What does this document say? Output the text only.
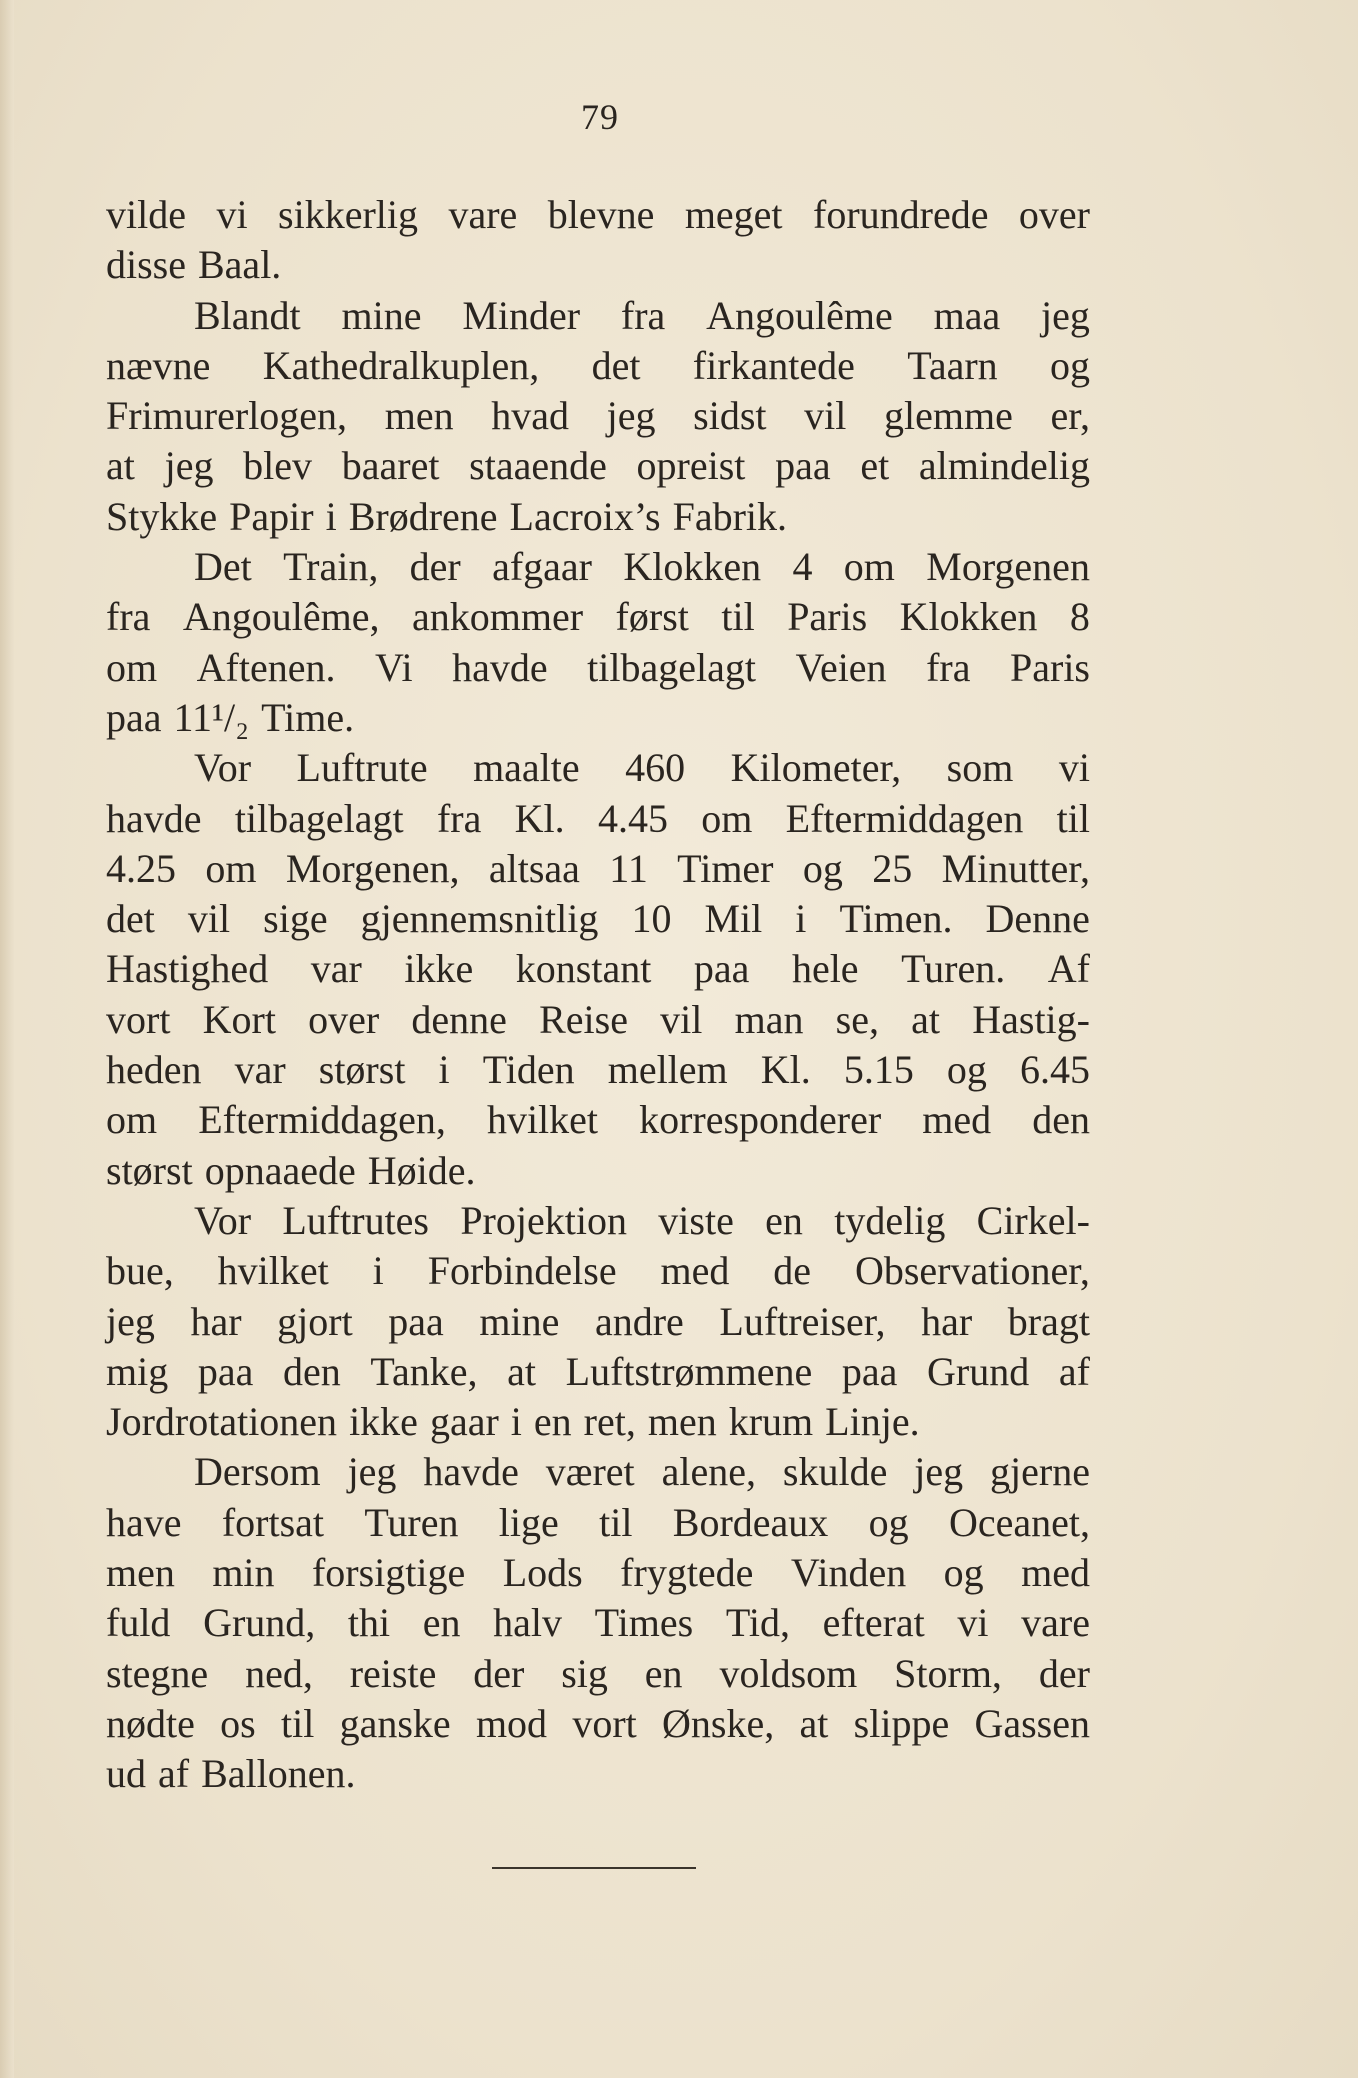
79
vilde vi sikkerlig vare blevne meget forundrede over
disse Baal.
Blandt mine Minder fra Angoulême maa jeg
nævne Kathedralkuplen, det firkantede Taarn og
Frimurerlogen, men hvad jeg sidst vil glemme er,
at jeg blev baaret staaende opreist paa et almindelig
Stykke Papir i Brødrene Lacroix’s Fabrik.
Det Train, der afgaar Klokken 4 om Morgenen
fra Angoulême, ankommer først til Paris Klokken 8
om Aftenen. Vi havde tilbagelagt Veien fra Paris
paa 11¹/₂ Time.
Vor Luftrute maalte 460 Kilometer, som vi
havde tilbagelagt fra Kl. 4.45 om Eftermiddagen til
4.25 om Morgenen, altsaa 11 Timer og 25 Minutter,
det vil sige gjennemsnitlig 10 Mil i Timen. Denne
Hastighed var ikke konstant paa hele Turen. Af
vort Kort over denne Reise vil man se, at Hastig-
heden var størst i Tiden mellem Kl. 5.15 og 6.45
om Eftermiddagen, hvilket korresponderer med den
størst opnaaede Høide.
Vor Luftrutes Projektion viste en tydelig Cirkel-
bue, hvilket i Forbindelse med de Observationer,
jeg har gjort paa mine andre Luftreiser, har bragt
mig paa den Tanke, at Luftstrømmene paa Grund af
Jordrotationen ikke gaar i en ret, men krum Linje.
Dersom jeg havde været alene, skulde jeg gjerne
have fortsat Turen lige til Bordeaux og Oceanet,
men min forsigtige Lods frygtede Vinden og med
fuld Grund, thi en halv Times Tid, efterat vi vare
stegne ned, reiste der sig en voldsom Storm, der
nødte os til ganske mod vort Ønske, at slippe Gassen
ud af Ballonen.
